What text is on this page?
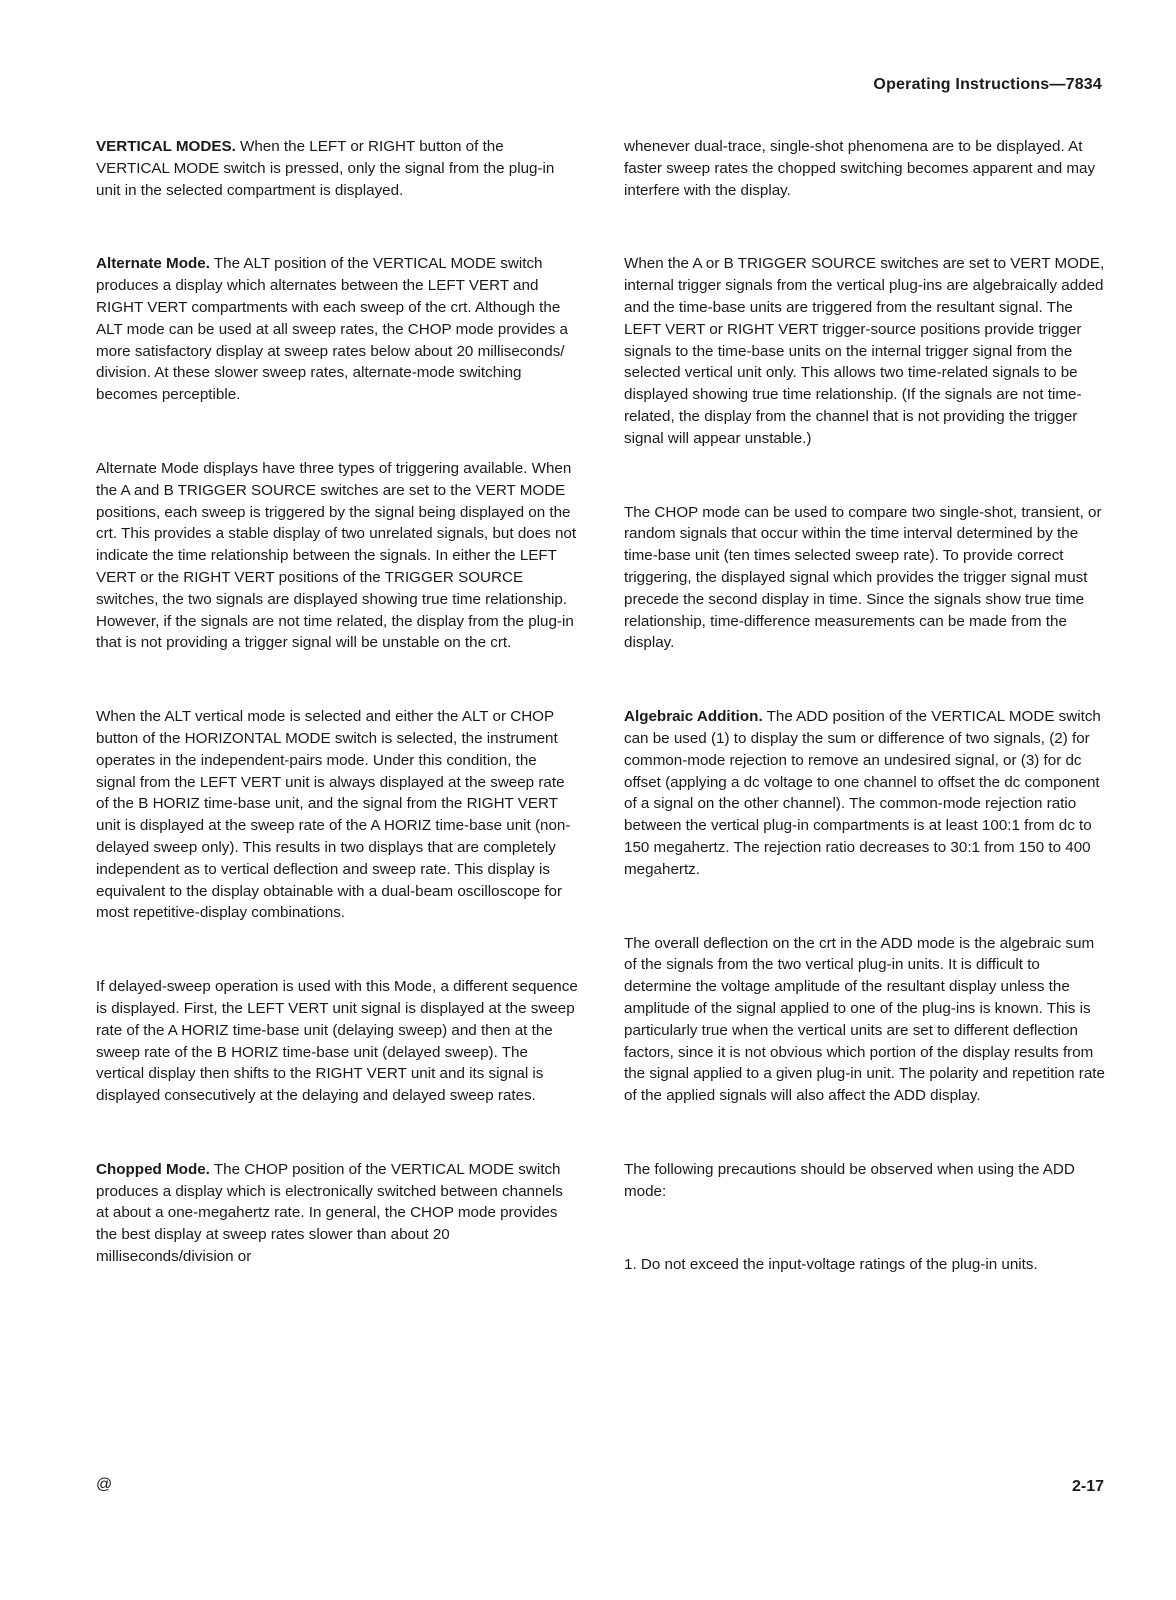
Operating Instructions—7834

VERTICAL MODES. When the LEFT or RIGHT button of the VERTICAL MODE switch is pressed, only the signal from the plug-in unit in the selected compartment is displayed.

Alternate Mode. The ALT position of the VERTICAL MODE switch produces a display which alternates between the LEFT VERT and RIGHT VERT compartments with each sweep of the crt. Although the ALT mode can be used at all sweep rates, the CHOP mode provides a more satisfactory display at sweep rates below about 20 milliseconds/ division. At these slower sweep rates, alternate-mode switching becomes perceptible.

Alternate Mode displays have three types of triggering available. When the A and B TRIGGER SOURCE switches are set to the VERT MODE positions, each sweep is triggered by the signal being displayed on the crt. This provides a stable display of two unrelated signals, but does not indicate the time relationship between the signals. In either the LEFT VERT or the RIGHT VERT positions of the TRIGGER SOURCE switches, the two signals are displayed showing true time relationship. However, if the signals are not time related, the display from the plug-in that is not providing a trigger signal will be unstable on the crt.

When the ALT vertical mode is selected and either the ALT or CHOP button of the HORIZONTAL MODE switch is selected, the instrument operates in the independent-pairs mode. Under this condition, the signal from the LEFT VERT unit is always displayed at the sweep rate of the B HORIZ time-base unit, and the signal from the RIGHT VERT unit is displayed at the sweep rate of the A HORIZ time-base unit (non-delayed sweep only). This results in two displays that are completely independent as to vertical deflection and sweep rate. This display is equivalent to the display obtainable with a dual-beam oscilloscope for most repetitive-display combinations.

If delayed-sweep operation is used with this Mode, a different sequence is displayed. First, the LEFT VERT unit signal is displayed at the sweep rate of the A HORIZ time-base unit (delaying sweep) and then at the sweep rate of the B HORIZ time-base unit (delayed sweep). The vertical display then shifts to the RIGHT VERT unit and its signal is displayed consecutively at the delaying and delayed sweep rates.

Chopped Mode. The CHOP position of the VERTICAL MODE switch produces a display which is electronically switched between channels at about a one-megahertz rate. In general, the CHOP mode provides the best display at sweep rates slower than about 20 milliseconds/division or

whenever dual-trace, single-shot phenomena are to be displayed. At faster sweep rates the chopped switching becomes apparent and may interfere with the display.

When the A or B TRIGGER SOURCE switches are set to VERT MODE, internal trigger signals from the vertical plug-ins are algebraically added and the time-base units are triggered from the resultant signal. The LEFT VERT or RIGHT VERT trigger-source positions provide trigger signals to the time-base units on the internal trigger signal from the selected vertical unit only. This allows two time-related signals to be displayed showing true time relationship. (If the signals are not time-related, the display from the channel that is not providing the trigger signal will appear unstable.)

The CHOP mode can be used to compare two single-shot, transient, or random signals that occur within the time interval determined by the time-base unit (ten times selected sweep rate). To provide correct triggering, the displayed signal which provides the trigger signal must precede the second display in time. Since the signals show true time relationship, time-difference measurements can be made from the display.

Algebraic Addition. The ADD position of the VERTICAL MODE switch can be used (1) to display the sum or difference of two signals, (2) for common-mode rejection to remove an undesired signal, or (3) for dc offset (applying a dc voltage to one channel to offset the dc component of a signal on the other channel). The common-mode rejection ratio between the vertical plug-in compartments is at least 100:1 from dc to 150 megahertz. The rejection ratio decreases to 30:1 from 150 to 400 megahertz.

The overall deflection on the crt in the ADD mode is the algebraic sum of the signals from the two vertical plug-in units. It is difficult to determine the voltage amplitude of the resultant display unless the amplitude of the signal applied to one of the plug-ins is known. This is particularly true when the vertical units are set to different deflection factors, since it is not obvious which portion of the display results from the signal applied to a given plug-in unit. The polarity and repetition rate of the applied signals will also affect the ADD display.

The following precautions should be observed when using the ADD mode:

1. Do not exceed the input-voltage ratings of the plug-in units.

@	2-17
